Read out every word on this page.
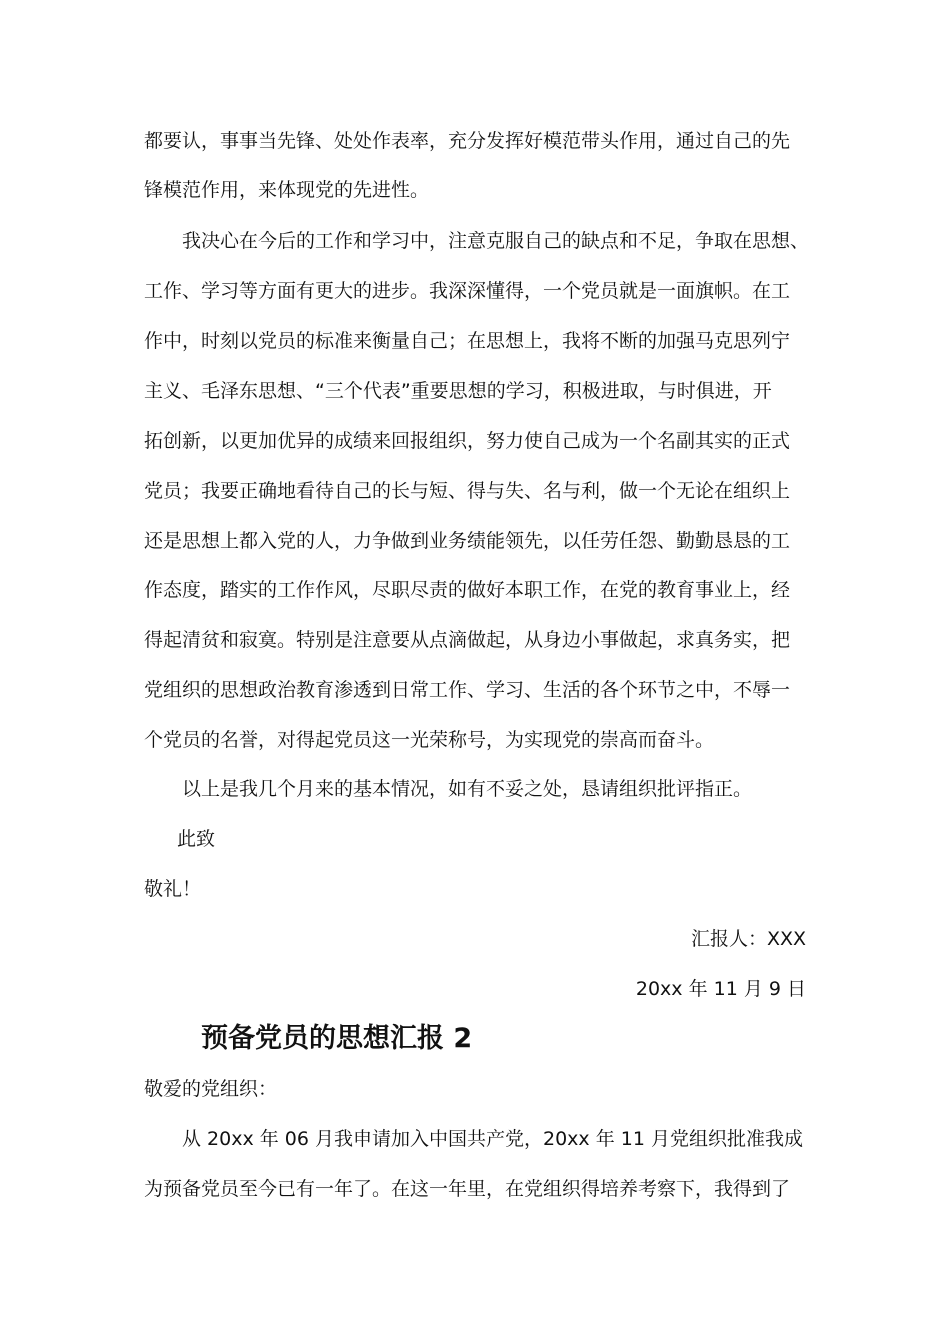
都要认，事事当先锋、处处作表率，充分发挥好模范带头作用，通过自己的先
锋模范作用，来体现党的先进性。
我决心在今后的工作和学习中，注意克服自己的缺点和不足，争取在思想、
工作、学习等方面有更大的进步。我深深懂得，一个党员就是一面旗帜。在工
作中，时刻以党员的标准来衡量自己；在思想上，我将不断的加强马克思列宁
主义、毛泽东思想、“三个代表”重要思想的学习，积极进取，与时俱进，开
拓创新，以更加优异的成绩来回报组织，努力使自己成为一个名副其实的正式
党员；我要正确地看待自己的长与短、得与失、名与利，做一个无论在组织上
还是思想上都入党的人，力争做到业务绩能领先，以任劳任怨、勤勤恳恳的工
作态度，踏实的工作作风，尽职尽责的做好本职工作，在党的教育事业上，经
得起清贫和寂寞。特别是注意要从点滴做起，从身边小事做起，求真务实，把
党组织的思想政治教育渗透到日常工作、学习、生活的各个环节之中，不辱一
个党员的名誉，对得起党员这一光荣称号，为实现党的崇高而奋斗。
以上是我几个月来的基本情况，如有不妥之处，恳请组织批评指正。
此致
敬礼！
汇报人：XXX
20xx 年 11 月 9 日
预备党员的思想汇报 2
敬爱的党组织：
从 20xx 年 06 月我申请加入中国共产党，20xx 年 11 月党组织批准我成
为预备党员至今已有一年了。在这一年里，在党组织得培养考察下，我得到了
